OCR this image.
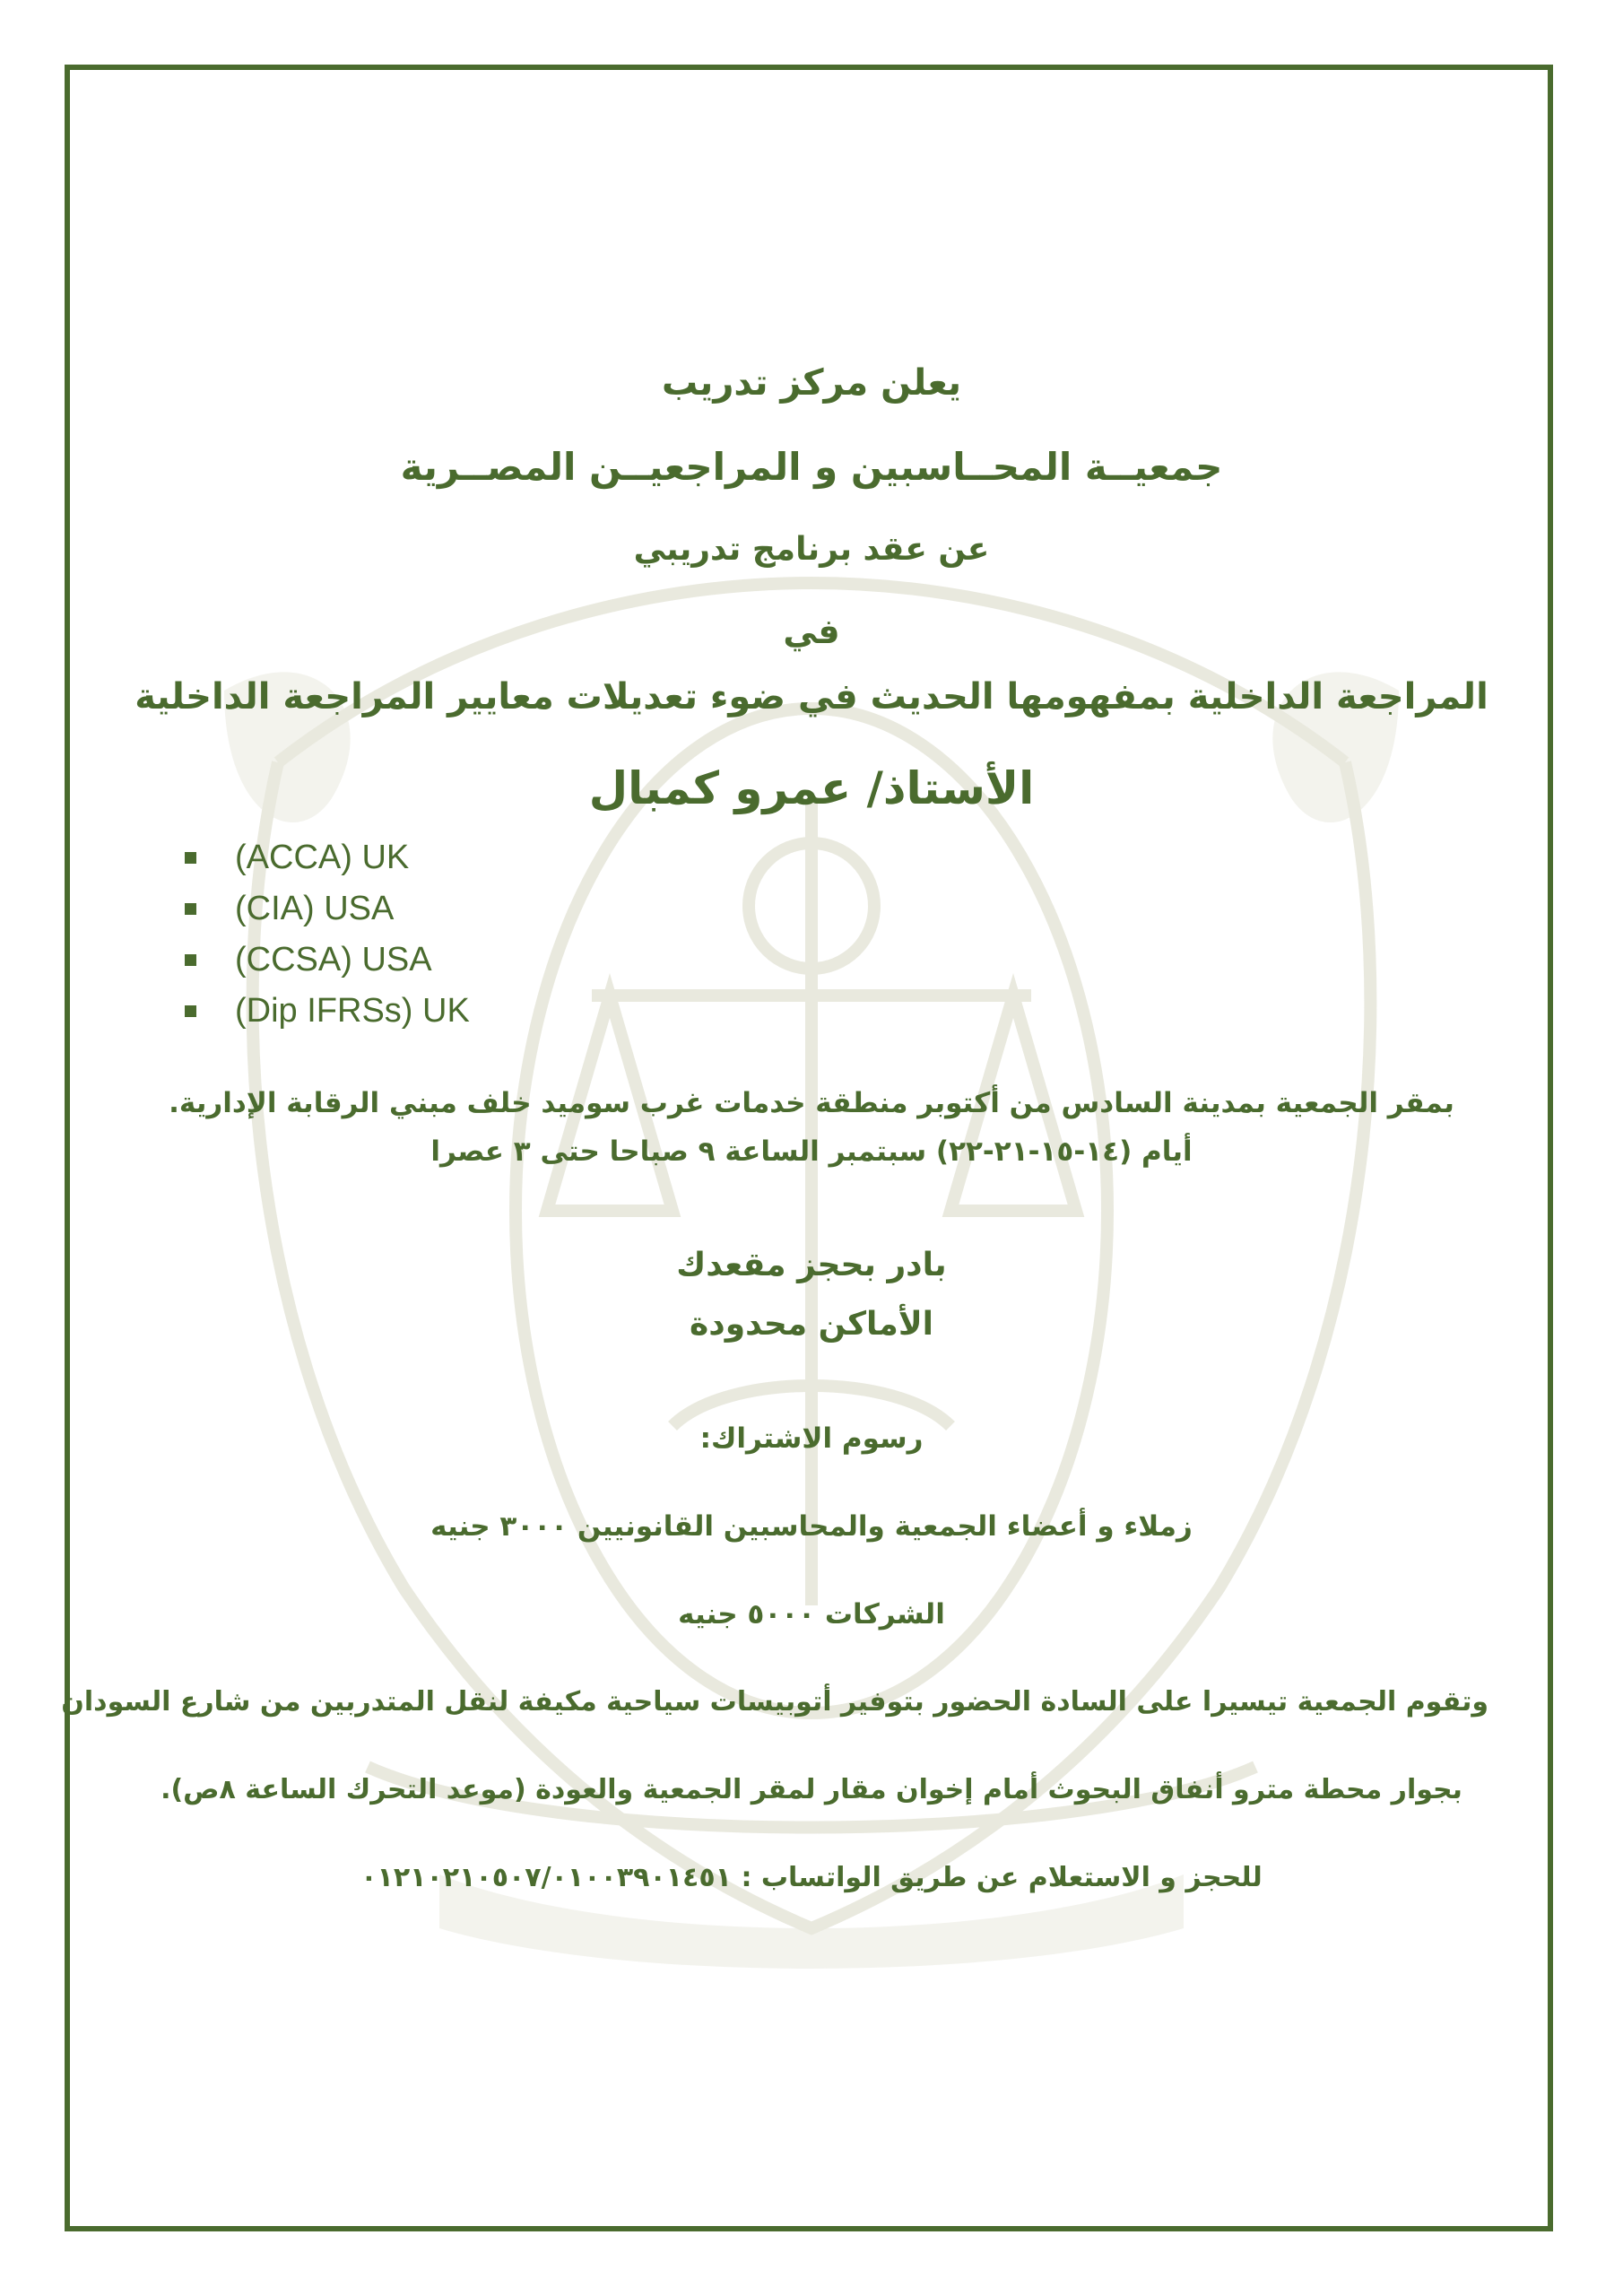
يعلن مركز تدريب
جمعيــة المحــاسبين و المراجعيــن المصــرية
عن عقد برنامج تدريبي
في
المراجعة الداخلية بمفهومها الحديث في ضوء تعديلات معايير المراجعة الداخلية
الأستاذ/ عمرو كمبال
(ACCA) UK
(CIA) USA
(CCSA) USA
(Dip IFRSs) UK
بمقر الجمعية بمدينة السادس من أكتوبر منطقة خدمات غرب سوميد خلف مبني الرقابة الإدارية.
أيام (١٤-١٥-٢١-٢٢) سبتمبر الساعة ٩ صباحا حتى ٣ عصرا
بادر بحجز مقعدك
الأماكن محدودة
رسوم الاشتراك:
زملاء و أعضاء الجمعية والمحاسبين القانونيين ٣٠٠٠ جنيه
الشركات ٥٠٠٠ جنيه
وتقوم الجمعية تيسيرا على السادة الحضور بتوفير أتوبيسات سياحية مكيفة لنقل المتدربين من شارع السودان
بجوار محطة مترو أنفاق البحوث أمام إخوان مقار لمقر الجمعية والعودة (موعد التحرك الساعة ٨ص).
للحجز و الاستعلام عن طريق الواتساب : ٠١٢١٠٢١٠٥٠٧/٠١٠٠٣٩٠١٤٥١
